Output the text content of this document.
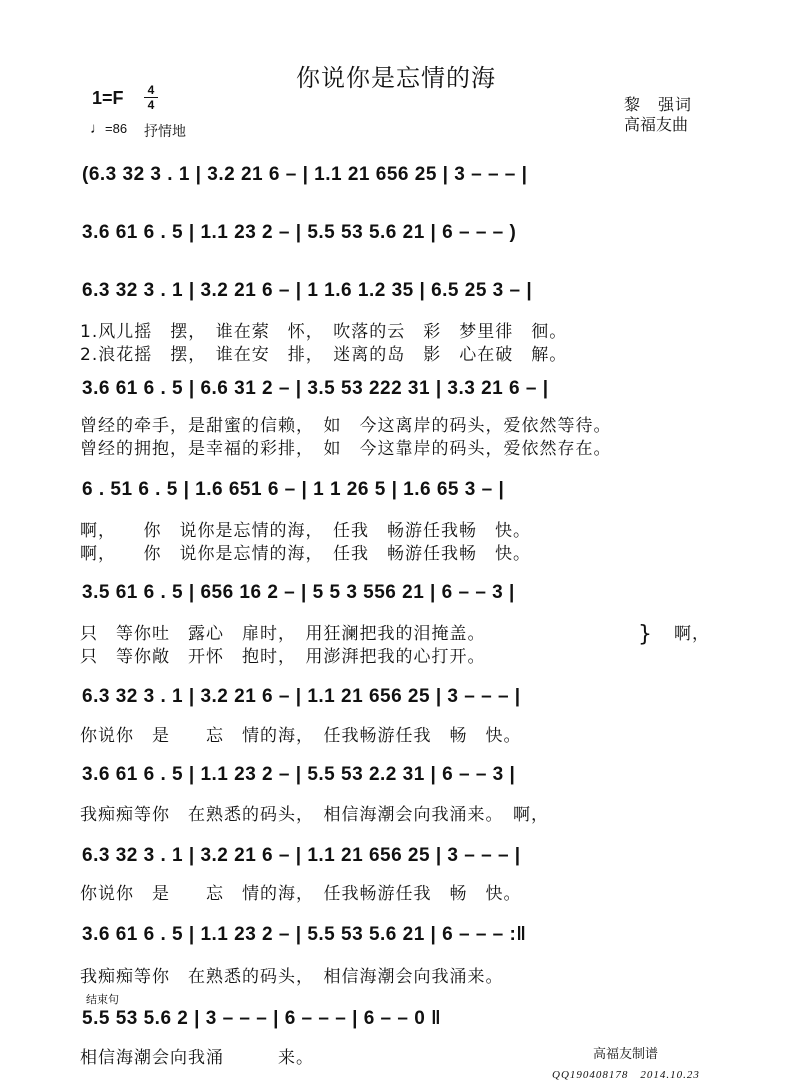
你说你是忘情的海
1=F	4
4
♩=86 抒情地
黎　强词
高福友曲
(6.3 32 3 . 1 | 3.2 21 6 – | 1.1 21 656 25 | 3 – – – |
3.6 61 6 . 5 | 1.1 23 2 – | 5.5 53 5.6 21 | 6 – – – )
6.3 32 3 . 1 | 3.2 21 6 – | 1 1.6 1.2 35 | 6.5 25 3 – |
1.风儿摇　摆，　谁在萦　怀，　吹落的云　彩　梦里徘　徊。
2.浪花摇　摆，　谁在安　排，　迷离的岛　影　心在破　解。
3.6 61 6 . 5 | 6.6 31 2 – | 3.5 53 222 31 | 3.3 21 6 – |
曾经的牵手，是甜蜜的信赖，　如　今这离岸的码头，爱依然等待。
曾经的拥抱，是幸福的彩排，　如　今这靠岸的码头，爱依然存在。
6 . 51 6 . 5 | 1.6 651 6 – | 1 1 26 5 | 1.6 65 3 – |
啊，　　你　说你是忘情的海，　任我　畅游任我畅　快。
啊，　　你　说你是忘情的海，　任我　畅游任我畅　快。
3.5 61 6 . 5 | 656 16 2 – | 5 5 3 556 21 | 6 – – 3 |
只　等你吐　露心　扉时，　用狂澜把我的泪掩盖。
只　等你敞　开怀　抱时，　用澎湃把我的心打开。
啊，
}
6.3 32 3 . 1 | 3.2 21 6 – | 1.1 21 656 25 | 3 – – – |
你说你　是　　忘　情的海，　任我畅游任我　畅　快。
3.6 61 6 . 5 | 1.1 23 2 – | 5.5 53 2.2 31 | 6 – – 3 |
我痴痴等你　在熟悉的码头，　相信海潮会向我涌来。　啊，
6.3 32 3 . 1 | 3.2 21 6 – | 1.1 21 656 25 | 3 – – – |
你说你　是　　忘　情的海，　任我畅游任我　畅　快。
3.6 61 6 . 5 | 1.1 23 2 – | 5.5 53 5.6 21 | 6 – – – :‖
我痴痴等你　在熟悉的码头，　相信海潮会向我涌来。
结束句
5.5 53 5.6 2 | 3 – – – | 6 – – – | 6 – – 0 ‖
相信海潮会向我涌　　　来。	高福友制谱
QQ190408178　2014.10.23
